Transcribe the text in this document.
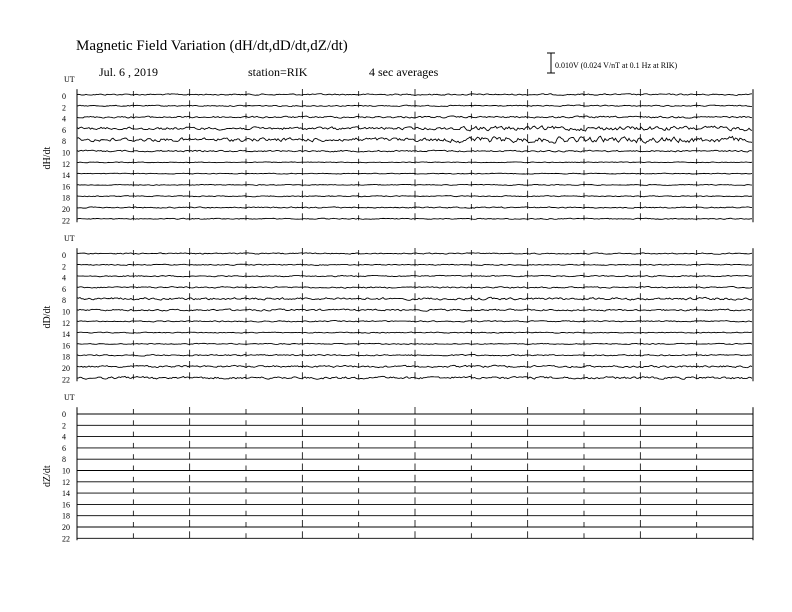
Magnetic Field Variation (dH/dt,dD/dt,dZ/dt)
Jul. 6 , 2019	station=RIK	4 sec averages	0.010V (0.024 V/nT at 0.1 Hz at RIK)
UT
dH/dt
0
2
4
6
8
10
12
14
16
18
20
22
UT
dD/dt
0
2
4
6
8
10
12
14
16
18
20
22
UT
dZ/dt
0
2
4
6
8
10
12
14
16
18
20
22
